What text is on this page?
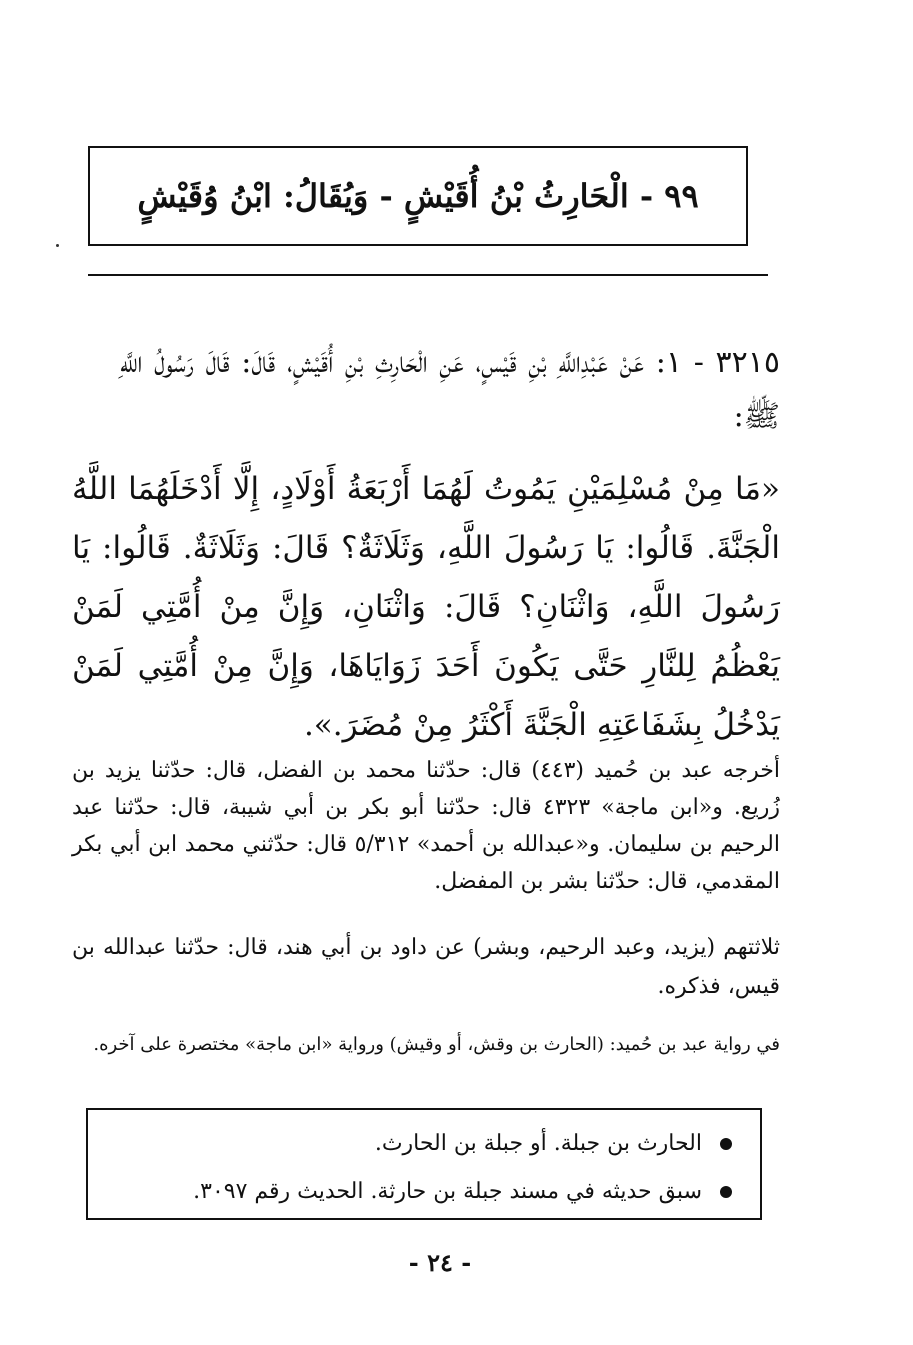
٩٩ - الْحَارِثُ بْنُ أُقَيْشٍ - وَيُقَالُ: ابْنُ وُقَيْشٍ
٣٢١٥ - ١: عَنْ عَبْدِاللَّهِ بْنِ قَيْسٍ، عَنِ الْحَارِثِ بْنِ أُقَيْشٍ، قَالَ: قَالَ رَسُولُ اللَّهِ ﷺ:
«مَا مِنْ مُسْلِمَيْنِ يَمُوتُ لَهُمَا أَرْبَعَةُ أَوْلَادٍ، إِلَّا أَدْخَلَهُمَا اللَّهُ الْجَنَّةَ. قَالُوا: يَا رَسُولَ اللَّهِ، وَثَلَاثَةٌ؟ قَالَ: وَثَلَاثَةٌ. قَالُوا: يَا رَسُولَ اللَّهِ، وَاثْنَانِ؟ قَالَ: وَاثْنَانِ، وَإِنَّ مِنْ أُمَّتِي لَمَنْ يَعْظُمُ لِلنَّارِ حَتَّى يَكُونَ أَحَدَ زَوَايَاهَا، وَإِنَّ مِنْ أُمَّتِي لَمَنْ يَدْخُلُ بِشَفَاعَتِهِ الْجَنَّةَ أَكْثَرُ مِنْ مُضَرَ.».
أخرجه عبد بن حُميد (٤٤٣) قال: حدّثنا محمد بن الفضل، قال: حدّثنا يزيد بن زُريع. و«ابن ماجة» ٤٣٢٣ قال: حدّثنا أبو بكر بن أبي شيبة، قال: حدّثنا عبد الرحيم بن سليمان. و«عبدالله بن أحمد» ٥/٣١٢ قال: حدّثني محمد ابن أبي بكر المقدمي، قال: حدّثنا بشر بن المفضل.
ثلاثتهم (يزيد، وعبد الرحيم، وبشر) عن داود بن أبي هند، قال: حدّثنا عبدالله بن قيس، فذكره.
في رواية عبد بن حُميد: (الحارث بن وقش، أو وقيش) ورواية «ابن ماجة» مختصرة على آخره.
الحارث بن جبلة. أو جبلة بن الحارث.
سبق حديثه في مسند جبلة بن حارثة. الحديث رقم ٣٠٩٧.
- ٢٤ -
